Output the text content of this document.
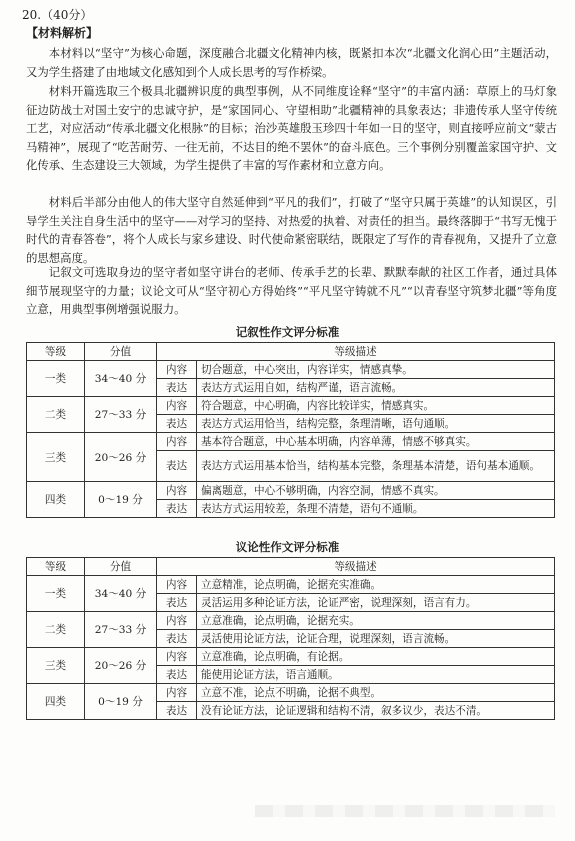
20.（40分）
【材料解析】

本材料以“坚守”为核心命题，深度融合北疆文化精神内核，既紧扣本次“北疆文化润心田”主题活动，又为学生搭建了由地域文化感知到个人成长思考的写作桥梁。

材料开篇选取三个极具北疆辨识度的典型事例，从不同维度诠释“坚守”的丰富内涵：草原上的马灯象征边防战士对国土安宁的忠诚守护，是“家国同心、守望相助”北疆精神的具象表达；非遗传承人坚守传统工艺，对应活动“传承北疆文化根脉”的目标；治沙英雄殷玉珍四十年如一日的坚守，则直接呼应前文“蒙古马精神”，展现了“吃苦耐劳、一往无前，不达目的绝不罢休”的奋斗底色。三个事例分别覆盖家国守护、文化传承、生态建设三大领域，为学生提供了丰富的写作素材和立意方向。

材料后半部分由他人的伟大坚守自然延伸到“平凡的我们”，打破了“坚守只属于英雄”的认知误区，引导学生关注自身生活中的坚守——对学习的坚持、对热爱的执着、对责任的担当。最终落脚于“书写无愧于时代的青春答卷”，将个人成长与家乡建设、时代使命紧密联结，既限定了写作的青春视角，又提升了立意的思想高度。

记叙文可选取身边的坚守者如坚守讲台的老师、传承手艺的长辈、默默奉献的社区工作者，通过具体细节展现坚守的力量；议论文可从“坚守初心方得始终”“平凡坚守铸就不凡”“以青春坚守筑梦北疆”等角度立意，用典型事例增强说服力。

记叙性作文评分标准
等级	分值	等级描述	
一类	34～40 分	内容	切合题意，中心突出，内容详实，情感真挚。
		表达	表达方式运用自如，结构严谨，语言流畅。
二类	27～33 分	内容	符合题意，中心明确，内容比较详实，情感真实。
		表达	表达方式运用恰当，结构完整，条理清晰，语句通顺。
三类	20～26 分	内容	基本符合题意，中心基本明确，内容单薄，情感不够真实。
		表达	表达方式运用基本恰当，结构基本完整，条理基本清楚，语句基本通顺。
四类	0～19 分	内容	偏离题意，中心不够明确，内容空洞，情感不真实。
		表达	表达方式运用较差，条理不清楚，语句不通顺。
议论性作文评分标准
等级	分值	等级描述	
一类	34～40 分	内容	立意精准，论点明确，论据充实准确。
		表达	灵活运用多种论证方法，论证严密，说理深刻，语言有力。
二类	27～33 分	内容	立意准确，论点明确，论据充实。
		表达	灵活使用论证方法，论证合理，说理深刻，语言流畅。
三类	20～26 分	内容	立意准确，论点明确，有论据。
		表达	能使用论证方法，语言通顺。
四类	0～19 分	内容	立意不准，论点不明确，论据不典型。
		表达	没有论证方法，论证逻辑和结构不清，叙多议少，表达不清。
